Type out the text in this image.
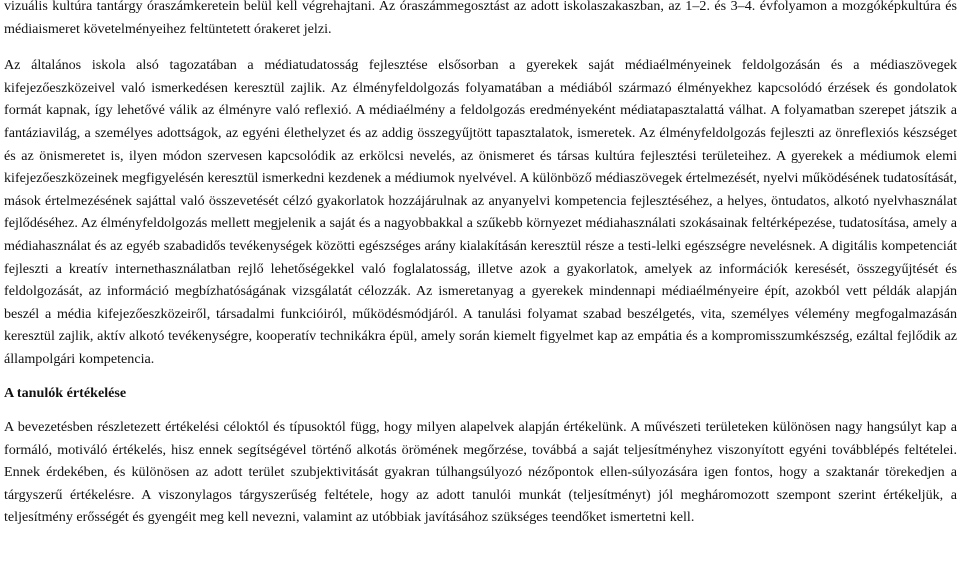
vizuális kultúra tantárgy óraszámkeretein belül kell végrehajtani. Az óraszámmegosztást az adott iskolaszakaszban, az 1–2. és 3–4. évfolyamon a mozgóképkultúra és médiaismeret követelményeihez feltüntetett órakeret jelzi.

Az általános iskola alsó tagozatában a médiatudatosság fejlesztése elsősorban a gyerekek saját médiaélményeinek feldolgozásán és a médiaszövegek kifejezőeszközeivel való ismerkedésen keresztül zajlik. Az élményfeldolgozás folyamatában a médiából származó élményekhez kapcsolódó érzések és gondolatok formát kapnak, így lehetővé válik az élményre való reflexió. A médiaélmény a feldolgozás eredményeként médiatapasztalattá válhat. A folyamatban szerepet játszik a fantáziavilág, a személyes adottságok, az egyéni élethelyzet és az addig összegyűjtött tapasztalatok, ismeretek. Az élményfeldolgozás fejleszti az önreflexiós készséget és az önismeretet is, ilyen módon szervesen kapcsolódik az erkölcsi nevelés, az önismeret és társas kultúra fejlesztési területeihez. A gyerekek a médiumok elemi kifejezőeszközeinek megfigyelésén keresztül ismerkedni kezdenek a médiumok nyelvével. A különböző médiaszövegek értelmezését, nyelvi működésének tudatosítását, mások értelmezésének sajáttal való összevetését célzó gyakorlatok hozzájárulnak az anyanyelvi kompetencia fejlesztéséhez, a helyes, öntudatos, alkotó nyelvhasználat fejlődéséhez. Az élményfeldolgozás mellett megjelenik a saját és a nagyobbakkal a szűkebb környezet médiahasználati szokásainak feltérképezése, tudatosítása, amely a médiahasználat és az egyéb szabadidős tevékenységek közötti egészséges arány kialakításán keresztül része a testi-lelki egészségre nevelésnek. A digitális kompetenciát fejleszti a kreatív internethasználatban rejlő lehetőségekkel való foglalatosság, illetve azok a gyakorlatok, amelyek az információk keresését, összegyűjtését és feldolgozását, az információ megbízhatóságának vizsgálatát célozzák. Az ismeretanyag a gyerekek mindennapi médiaélményeire épít, azokból vett példák alapján beszél a média kifejezőeszközeiről, társadalmi funkcióiról, működésmódjáról. A tanulási folyamat szabad beszélgetés, vita, személyes vélemény megfogalmazásán keresztül zajlik, aktív alkotó tevékenységre, kooperatív technikákra épül, amely során kiemelt figyelmet kap az empátia és a kompromisszumkészség, ezáltal fejlődik az állampolgári kompetencia.

A tanulók értékelése

A bevezetésben részletezett értékelési céloktól és típusoktól függ, hogy milyen alapelvek alapján értékelünk. A művészeti területeken különösen nagy hangsúlyt kap a formáló, motiváló értékelés, hisz ennek segítségével történő alkotás örömének megőrzése, továbbá a saját teljesítményhez viszonyított egyéni továbblépés feltételei. Ennek érdekében, és különösen az adott terület szubjektivitását gyakran túlhangsúlyozó nézőpontok ellen-súlyozására igen fontos, hogy a szaktanár törekedjen a tárgyszerű értékelésre. A viszonylagos tárgyszerűség feltétele, hogy az adott tanulói munkát (teljesítményt) jól megháromozott szempont szerint értékeljük, a teljesítmény erősségét és gyengéit meg kell nevezni, valamint az utóbbiak javításához szükséges teendőket ismertetni kell.
